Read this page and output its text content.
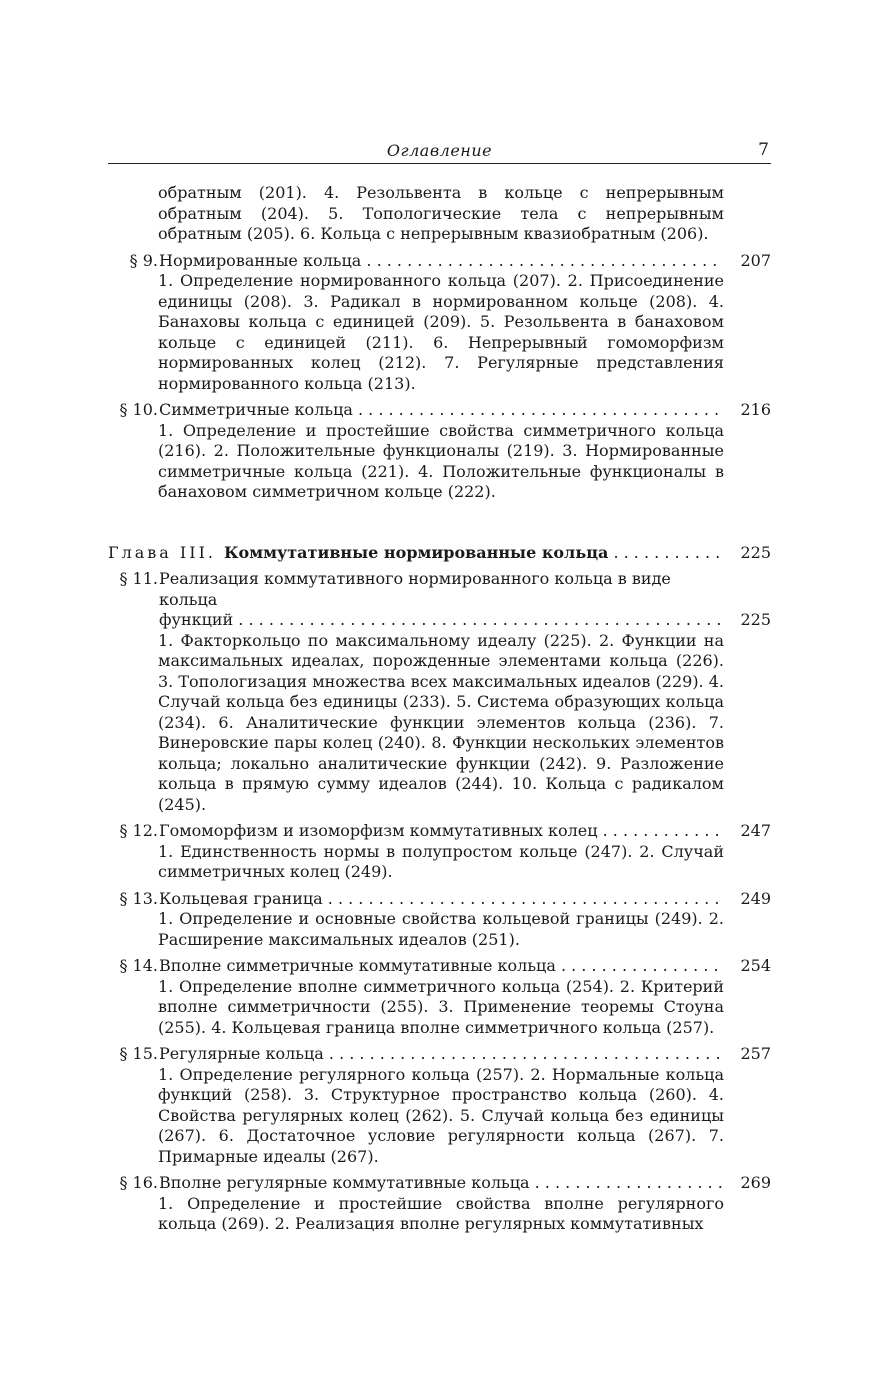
Оглавление	7
обратным (201). 4. Резольвента в кольце с непрерывным обратным (204). 5. Топологические тела с непрерывным обратным (205). 6. Кольца с непрерывным квазиобратным (206).
§ 9. Нормированные кольца . . .	207
1. Определение нормированного кольца (207). 2. Присоединение единицы (208). 3. Радикал в нормированном кольце (208). 4. Банаховы кольца с единицей (209). 5. Резольвента в банаховом кольце с единицей (211). 6. Непрерывный гомоморфизм нормированных колец (212). 7. Регулярные представления нормированного кольца (213).
§ 10. Симметричные кольца . . .	216
1. Определение и простейшие свойства симметричного кольца (216). 2. Положительные функционалы (219). 3. Нормированные симметричные кольца (221). 4. Положительные функционалы в банаховом симметричном кольце (222).
Глава III. Коммутативные нормированные кольца . . .	225
§ 11. Реализация коммутативного нормированного кольца в виде кольца
функций . . .	225
1. Факторкольцо по максимальному идеалу (225). 2. Функции на максимальных идеалах, порожденные элементами кольца (226). 3. Топологизация множества всех максимальных идеалов (229). 4. Случай кольца без единицы (233). 5. Система образующих кольца (234). 6. Аналитические функции элементов кольца (236). 7. Винеровские пары колец (240). 8. Функции нескольких элементов кольца; локально аналитические функции (242). 9. Разложение кольца в прямую сумму идеалов (244). 10. Кольца с радикалом (245).
§ 12. Гомоморфизм и изоморфизм коммутативных колец . . .	247
1. Единственность нормы в полупростом кольце (247). 2. Случай симметричных колец (249).
§ 13. Кольцевая граница . . .	249
1. Определение и основные свойства кольцевой границы (249). 2. Расширение максимальных идеалов (251).
§ 14. Вполне симметричные коммутативные кольца . . .	254
1. Определение вполне симметричного кольца (254). 2. Критерий вполне симметричности (255). 3. Применение теоремы Стоуна (255). 4. Кольцевая граница вполне симметричного кольца (257).
§ 15. Регулярные кольца . . .	257
1. Определение регулярного кольца (257). 2. Нормальные кольца функций (258). 3. Структурное пространство кольца (260). 4. Свойства регулярных колец (262). 5. Случай кольца без единицы (267). 6. Достаточное условие регулярности кольца (267). 7. Примарные идеалы (267).
§ 16. Вполне регулярные коммутативные кольца . . .	269
1. Определение и простейшие свойства вполне регулярного кольца (269). 2. Реализация вполне регулярных коммутативных
